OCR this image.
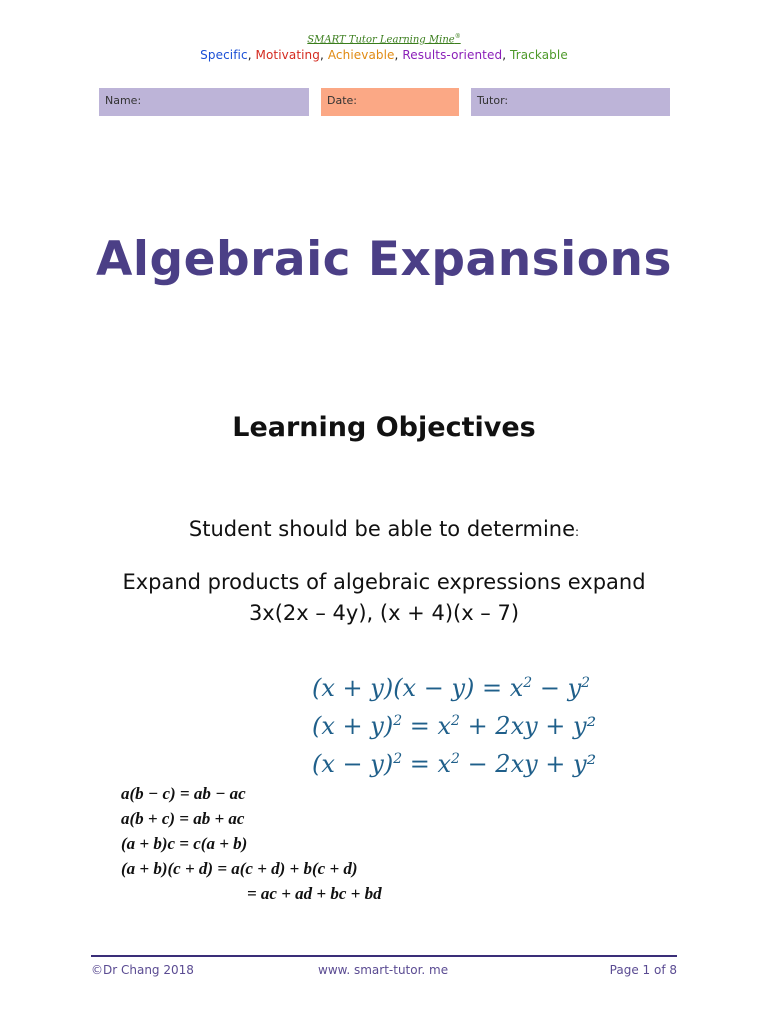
SMART Tutor Learning Mine®
Specific, Motivating, Achievable, Results-oriented, Trackable
Name:	Date:	Tutor:
Algebraic Expansions
Learning Objectives
Student should be able to determine:
Expand products of algebraic expressions expand
3x(2x – 4y), (x + 4)(x – 7)
$(x + y)(x - y) = x^2 - y^2$
$(x + y)^2 = x^2 + 2xy + y^2$
$(x - y)^2 = x^2 - 2xy + y^2$
a(b − c) = ab − ac
a(b + c) = ab + ac
(a + b)c = c(a + b)
(a + b)(c + d) = a(c + d) + b(c + d)
= ac + ad + bc + bd
©Dr Chang 2018	www. smart-tutor. me	Page 1 of 8
